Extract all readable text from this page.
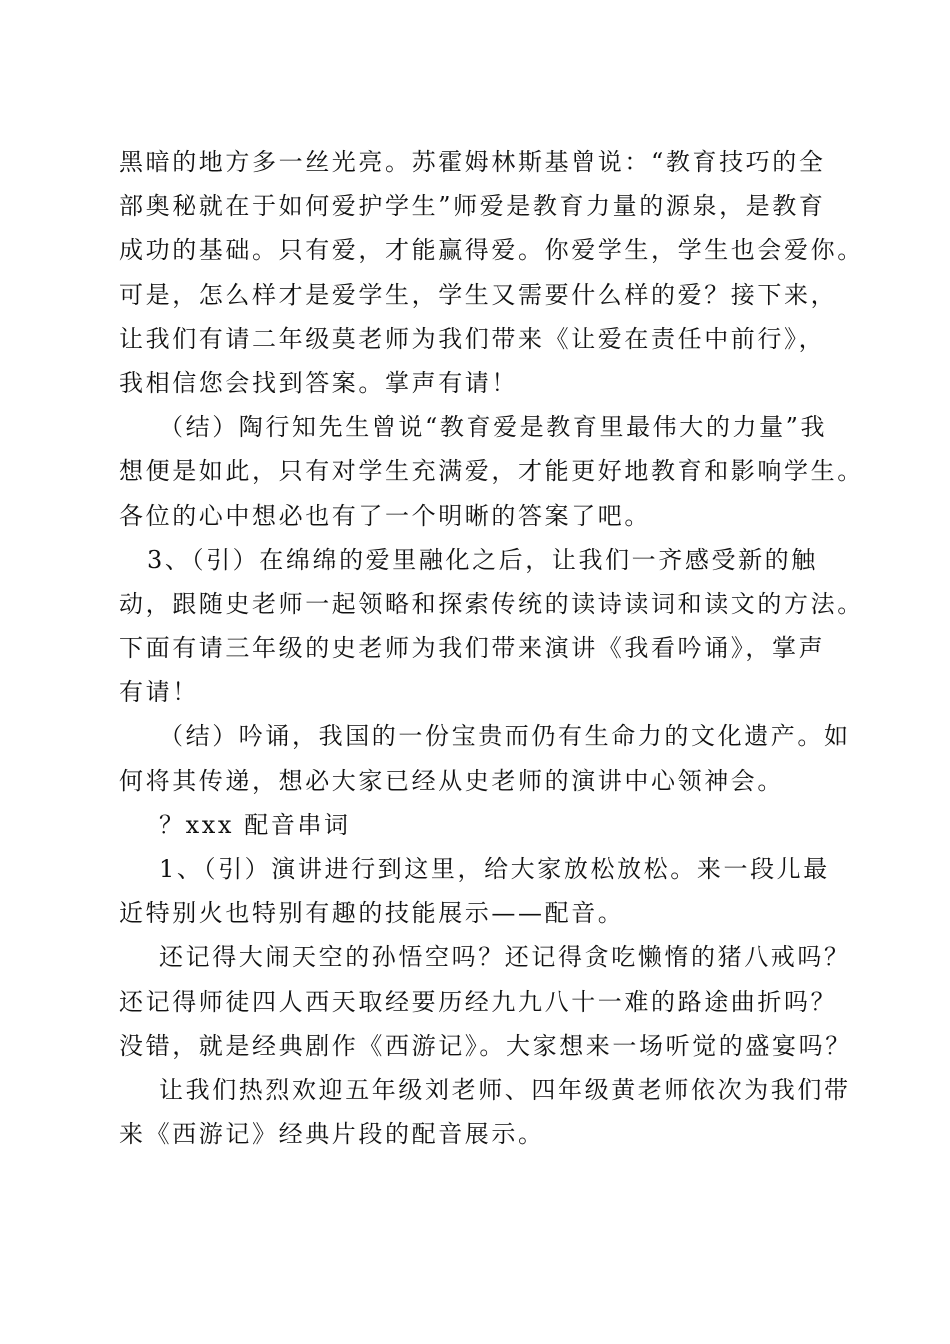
黑暗的地方多一丝光亮。苏霍姆林斯基曾说：“教育技巧的全
部奥秘就在于如何爱护学生”师爱是教育力量的源泉，是教育
成功的基础。只有爱，才能赢得爱。你爱学生，学生也会爱你。
可是，怎么样才是爱学生，学生又需要什么样的爱？接下来，
让我们有请二年级莫老师为我们带来《让爱在责任中前行》，
我相信您会找到答案。掌声有请！
（结）陶行知先生曾说“教育爱是教育里最伟大的力量”我
想便是如此，只有对学生充满爱，才能更好地教育和影响学生。
各位的心中想必也有了一个明晰的答案了吧。
3、（引）在绵绵的爱里融化之后，让我们一齐感受新的触
动，跟随史老师一起领略和探索传统的读诗读词和读文的方法。
下面有请三年级的史老师为我们带来演讲《我看吟诵》，掌声
有请！
（结）吟诵，我国的一份宝贵而仍有生命力的文化遗产。如
何将其传递，想必大家已经从史老师的演讲中心领神会。
？xxx 配音串词
1、（引）演讲进行到这里，给大家放松放松。来一段儿最
近特别火也特别有趣的技能展示——配音。
还记得大闹天空的孙悟空吗？还记得贪吃懒惰的猪八戒吗？
还记得师徒四人西天取经要历经九九八十一难的路途曲折吗？
没错，就是经典剧作《西游记》。大家想来一场听觉的盛宴吗？
让我们热烈欢迎五年级刘老师、四年级黄老师依次为我们带
来《西游记》经典片段的配音展示。
